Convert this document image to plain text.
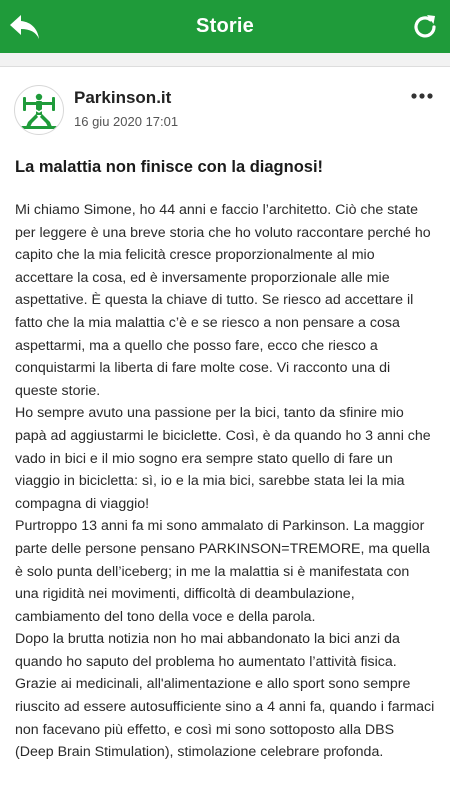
Storie
Parkinson.it
16 giu 2020 17:01
La malattia non finisce con la diagnosi!

Mi chiamo Simone, ho 44 anni e faccio l’architetto. Ciò che state per leggere è una breve storia che ho voluto raccontare perché ho capito che la mia felicità cresce proporzionalmente al mio accettare la cosa, ed è inversamente proporzionale alle mie aspettative. È questa la chiave di tutto. Se riesco ad accettare il fatto che la mia malattia c’è e se riesco a non pensare a cosa aspettarmi, ma a quello che posso fare, ecco che riesco a conquistarmi la liberta di fare molte cose. Vi racconto una di queste storie.

Ho sempre avuto una passione per la bici, tanto da sfinire mio papà ad aggiustarmi le biciclette. Così, è da quando ho 3 anni che vado in bici e il mio sogno era sempre stato quello di fare un viaggio in bicicletta: sì, io e la mia bici, sarebbe stata lei la mia compagna di viaggio!

Purtroppo 13 anni fa mi sono ammalato di Parkinson. La maggior parte delle persone pensano PARKINSON=TREMORE, ma quella è solo punta dell’iceberg; in me la malattia si è manifestata con una rigidità nei movimenti, difficoltà di deambulazione, cambiamento del tono della voce e della parola.

Dopo la brutta notizia non ho mai abbandonato la bici anzi da quando ho saputo del problema ho aumentato l’attività fisica. Grazie ai medicinali, all'alimentazione e allo sport sono sempre riuscito ad essere autosufficiente sino a 4 anni fa, quando i farmaci non facevano più effetto, e così mi sono sottoposto alla DBS (Deep Brain Stimulation), stimolazione celebrare profonda.
